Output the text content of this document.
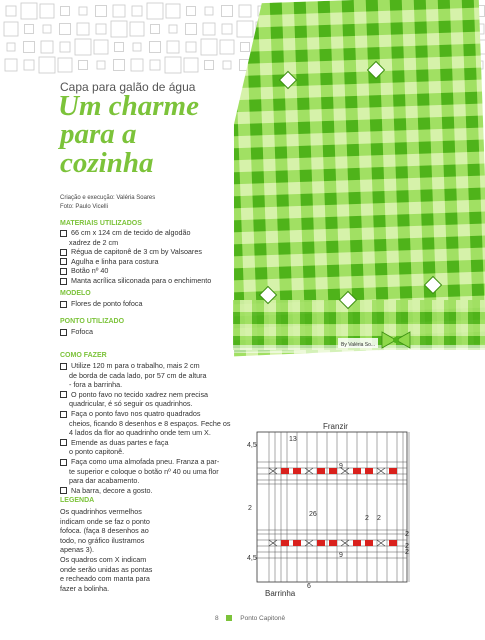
By Valéria So...
Capa para galão de água
Um charme
para a
cozinha
Criação e execução: Valéria Soares
Foto: Paulo Vicelli
MATERIAIS UTILIZADOS
66 cm x 124 cm de tecido de algodão
xadrez de 2 cm
Régua de capitonê de 3 cm by Valsoares
Agulha e linha para costura
Botão nº 40
Manta acrílica siliconada para o enchimento
MODELO
Flores de ponto fofoca
PONTO UTILIZADO
Fofoca
COMO FAZER
Utilize 120 m para o trabalho, mais 2 cm
de borda de cada lado, por 57 cm de altura
- fora a barrinha.
O ponto favo no tecido xadrez nem precisa
quadricular, é só seguir os quadrinhos.
Faça o ponto favo nos quatro quadrados
cheios, ficando 8 desenhos e 8 espaços. Feche os
4 lados da flor ao quadrinho onde tem um X.
Emende as duas partes e faça
o ponto capitonê.
Faça como uma almofada pneu. Franza a par-
te superior e coloque o botão nº 40 ou uma flor
para dar acabamento.
Na barra, decore a gosto.
LEGENDA
Os quadrinhos vermelhos
indicam onde se faz o ponto
fofoca. (faça 8 desenhos ao
todo, no gráfico ilustramos
apenas 3).
Os quadros com X indicam
onde serão unidas as pontas
e recheado com manta para
fazer a bolinha.
Franzir
4,5
13
9
26
2
2
2
2
2
2
4,5	9
6
Barrinha
8	Ponto Capitonê
